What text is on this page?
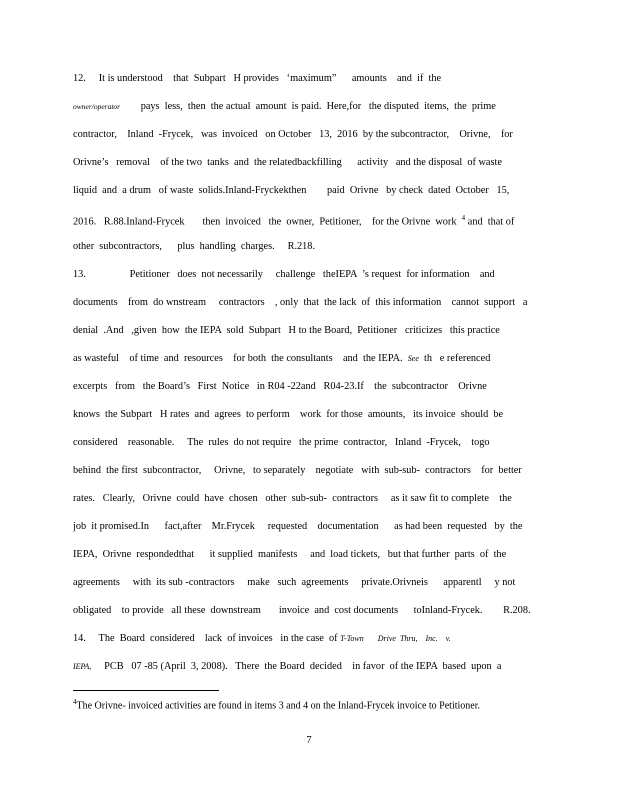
12.     It is understood    that  Subpart   H provides   ‘maximum”      amounts    and  if  the
owner/operator pays  less,  then  the actual  amount  is paid.  Here,for   the disputed  items,  the  prime
contractor,    Inland  -Frycek,   was  invoiced   on October   13,  2016  by the subcontractor,    Orivne,    for
Orivne’s   removal    of the two  tanks  and  the relatedbackfilling      activity   and the disposal  of waste
liquid  and  a drum   of waste  solids.Inland-Fryckekthen        paid  Orivne   by check  dated  October   15,
2016.   R.88.Inland-Frycek       then  invoiced   the  owner,  Petitioner,    for the Orivne  work $^4$ and  that of
other  subcontractors,      plus  handling  charges.     R.218.
13.                 Petitioner   does  not necessarily     challenge   theIEPA  ’s request  for information    and
documents    from  do wnstream     contractors    , only  that  the lack  of  this information    cannot  support   a
denial  .And   ,given  how  the IEPA  sold  Subpart   H to the Board,  Petitioner   criticizes   this practice
as wasteful    of time  and  resources    for both  the consultants    and  the IEPA. See  th   e referenced
excerpts   from   the Board’s   First  Notice   in R04 -22and   R04-23.If    the  subcontractor    Orivne
knows  the Subpart   H rates  and  agrees  to perform    work  for those  amounts,   its invoice  should  be
considered    reasonable.     The  rules  do not require   the prime  contractor,   Inland  -Frycek,    togo
behind  the first  subcontractor,     Orivne,   to separately    negotiate   with  sub-sub-  contractors    for  better
rates.   Clearly,   Orivne  could  have  chosen   other  sub-sub-  contractors     as it saw fit to complete    the
job  it promised.In      fact,after    Mr.Frycek     requested    documentation      as had been  requested   by  the
IEPA,  Orivne  respondedthat      it supplied  manifests     and  load tickets,   but that further  parts  of  the
agreements     with  its sub -contractors     make   such  agreements     private.Orivneis      apparentl     y not
obligated    to provide   all these  downstream       invoice  and  cost documents      toInland-Frycek.        R.208.
14.     The  Board  considered    lack  of invoices   in the case  of T-Town       Drive  Thru,    Inc.    v.
IEPA,     PCB   07 -85 (April  3, 2008).   There  the Board  decided    in favor  of the IEPA  based  upon  a
$^4$The Orivne- invoiced activities are found in items 3 and 4 on the Inland-Frycek invoice to Petitioner.
7
